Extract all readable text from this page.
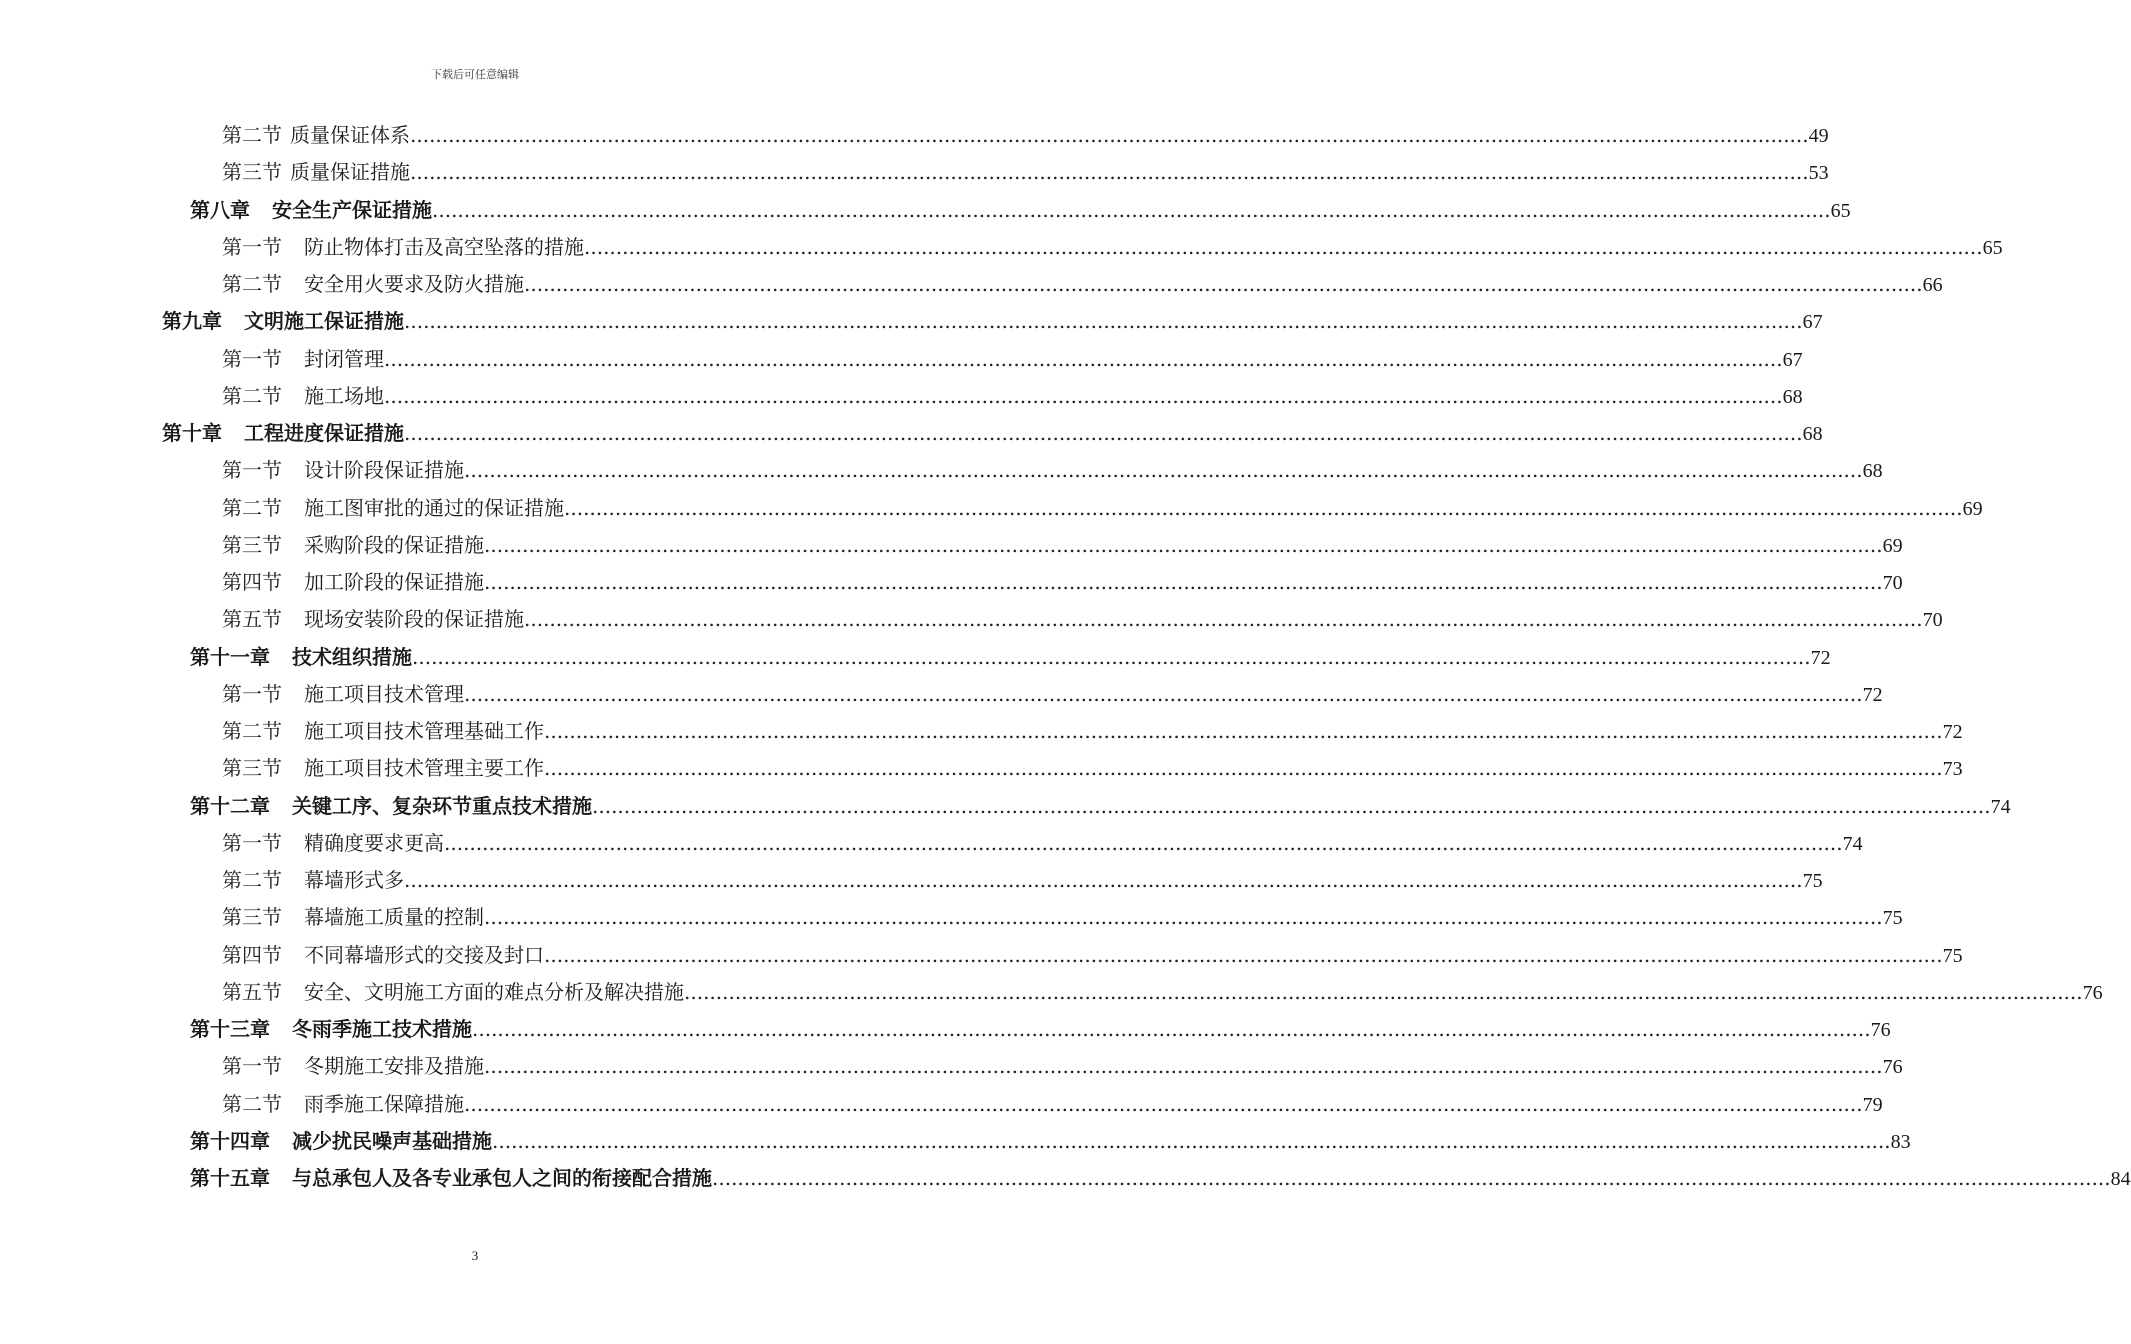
下载后可任意编辑
第二节 质量保证体系 ............................................................................................................................................................................................................................ 49
第三节 质量保证措施 ............................................................................................................................................................................................................................ 53
第八章 安全生产保证措施 ............................................................................................................................................................................................................................ 65
第一节 防止物体打击及高空坠落的措施 ............................................................................................................................................................................................................................ 65
第二节 安全用火要求及防火措施 ............................................................................................................................................................................................................................ 66
第九章 文明施工保证措施 ............................................................................................................................................................................................................................ 67
第一节 封闭管理 ............................................................................................................................................................................................................................ 67
第二节 施工场地 ............................................................................................................................................................................................................................ 68
第十章 工程进度保证措施 ............................................................................................................................................................................................................................ 68
第一节 设计阶段保证措施 ............................................................................................................................................................................................................................ 68
第二节 施工图审批的通过的保证措施 ............................................................................................................................................................................................................................ 69
第三节 采购阶段的保证措施 ............................................................................................................................................................................................................................ 69
第四节 加工阶段的保证措施 ............................................................................................................................................................................................................................ 70
第五节 现场安装阶段的保证措施 ............................................................................................................................................................................................................................ 70
第十一章 技术组织措施 ............................................................................................................................................................................................................................ 72
第一节 施工项目技术管理 ............................................................................................................................................................................................................................ 72
第二节 施工项目技术管理基础工作 ............................................................................................................................................................................................................................ 72
第三节 施工项目技术管理主要工作 ............................................................................................................................................................................................................................ 73
第十二章 关键工序、复杂环节重点技术措施 ............................................................................................................................................................................................................................ 74
第一节 精确度要求更高 ............................................................................................................................................................................................................................ 74
第二节 幕墙形式多 ............................................................................................................................................................................................................................ 75
第三节 幕墙施工质量的控制 ............................................................................................................................................................................................................................ 75
第四节 不同幕墙形式的交接及封口 ............................................................................................................................................................................................................................ 75
第五节 安全、文明施工方面的难点分析及解决措施 ............................................................................................................................................................................................................................ 76
第十三章 冬雨季施工技术措施 ............................................................................................................................................................................................................................ 76
第一节 冬期施工安排及措施 ............................................................................................................................................................................................................................ 76
第二节 雨季施工保障措施 ............................................................................................................................................................................................................................ 79
第十四章 减少扰民噪声基础措施 ............................................................................................................................................................................................................................ 83
第十五章 与总承包人及各专业承包人之间的衔接配合措施 ............................................................................................................................................................................................................................ 84
3
